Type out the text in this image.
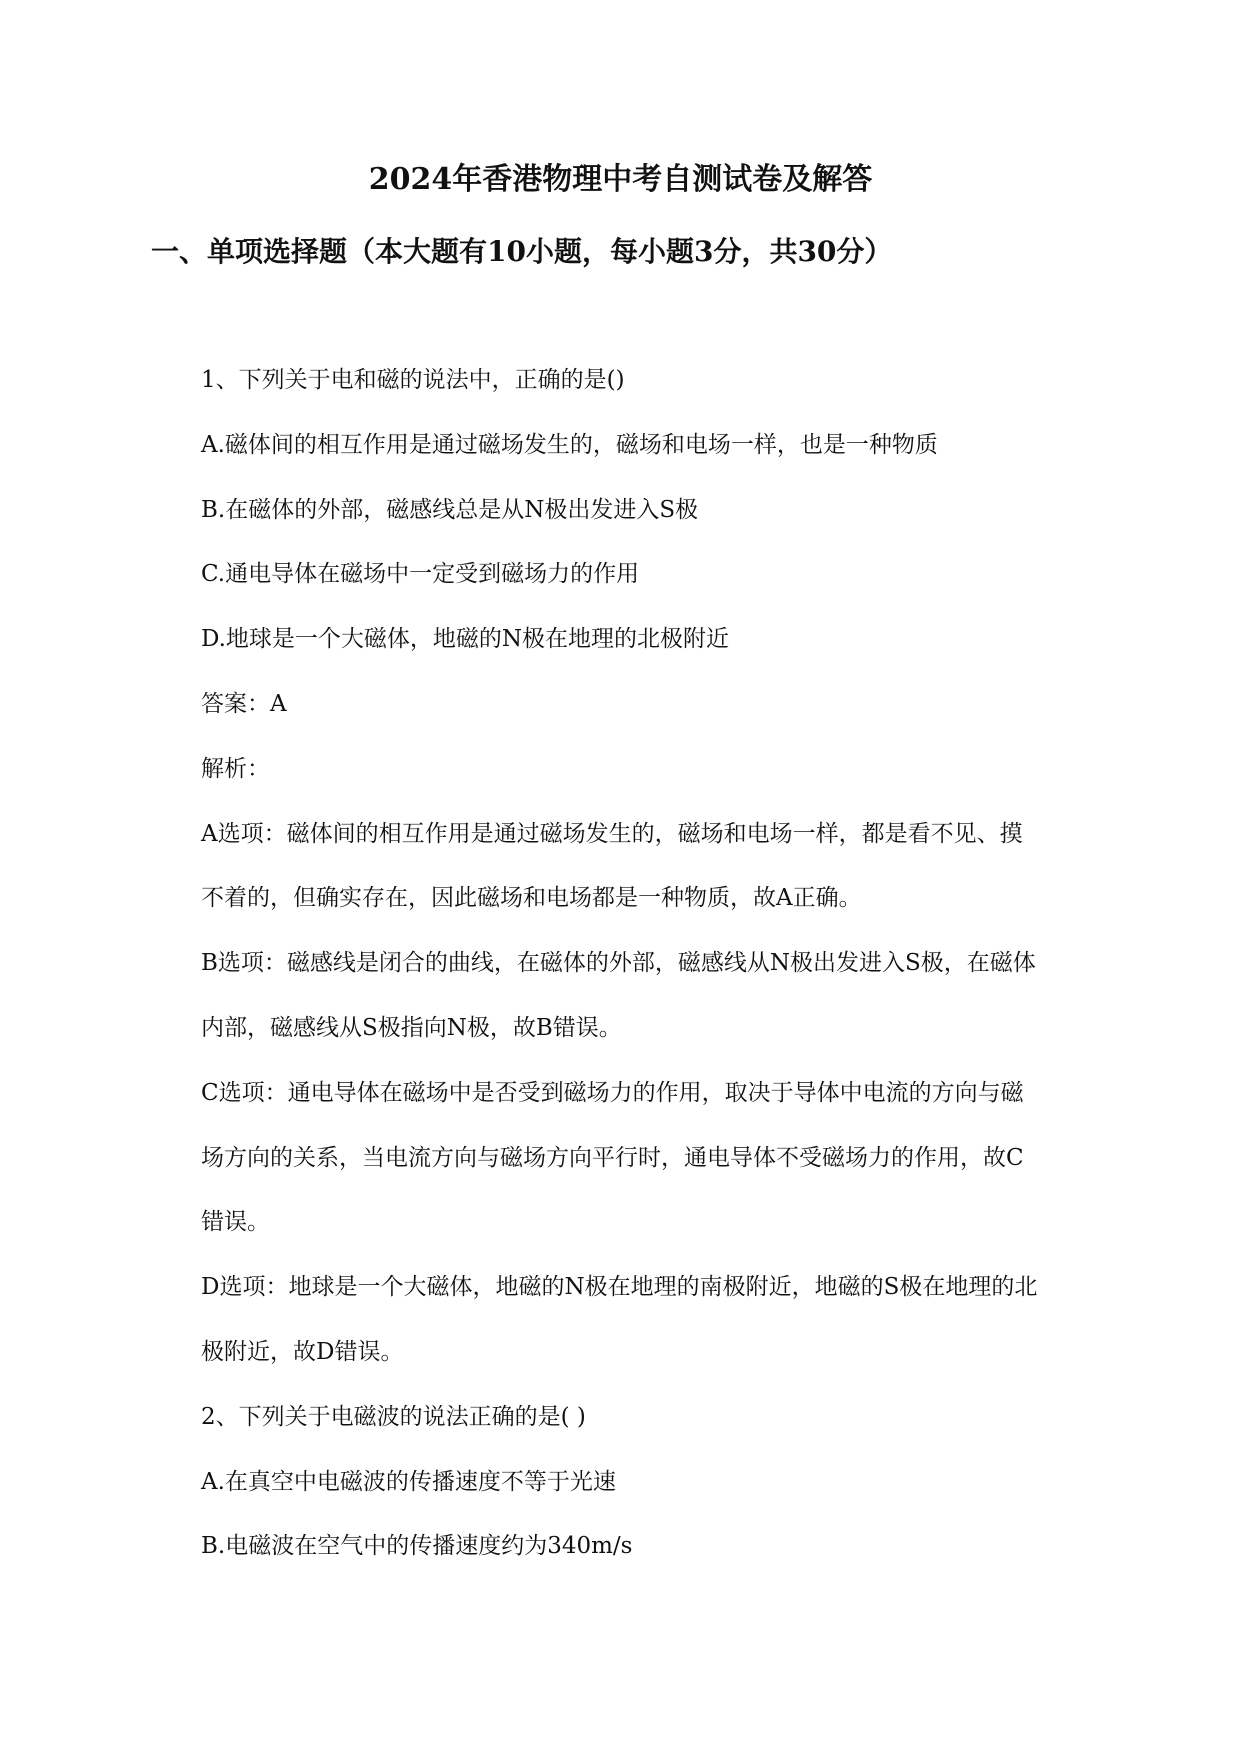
2024年香港物理中考自测试卷及解答
一、单项选择题（本大题有10小题，每小题3分，共30分）

1、下列关于电和磁的说法中，正确的是()

A.磁体间的相互作用是通过磁场发生的，磁场和电场一样，也是一种物质

B.在磁体的外部，磁感线总是从N极出发进入S极

C.通电导体在磁场中一定受到磁场力的作用

D.地球是一个大磁体，地磁的N极在地理的北极附近

答案：A

解析：

A选项：磁体间的相互作用是通过磁场发生的，磁场和电场一样，都是看不见、摸

不着的，但确实存在，因此磁场和电场都是一种物质，故A正确。

B选项：磁感线是闭合的曲线，在磁体的外部，磁感线从N极出发进入S极，在磁体

内部，磁感线从S极指向N极，故B错误。

C选项：通电导体在磁场中是否受到磁场力的作用，取决于导体中电流的方向与磁

场方向的关系，当电流方向与磁场方向平行时，通电导体不受磁场力的作用，故C

错误。

D选项：地球是一个大磁体，地磁的N极在地理的南极附近，地磁的S极在地理的北

极附近，故D错误。

2、下列关于电磁波的说法正确的是( )

A.在真空中电磁波的传播速度不等于光速

B.电磁波在空气中的传播速度约为340m/s
